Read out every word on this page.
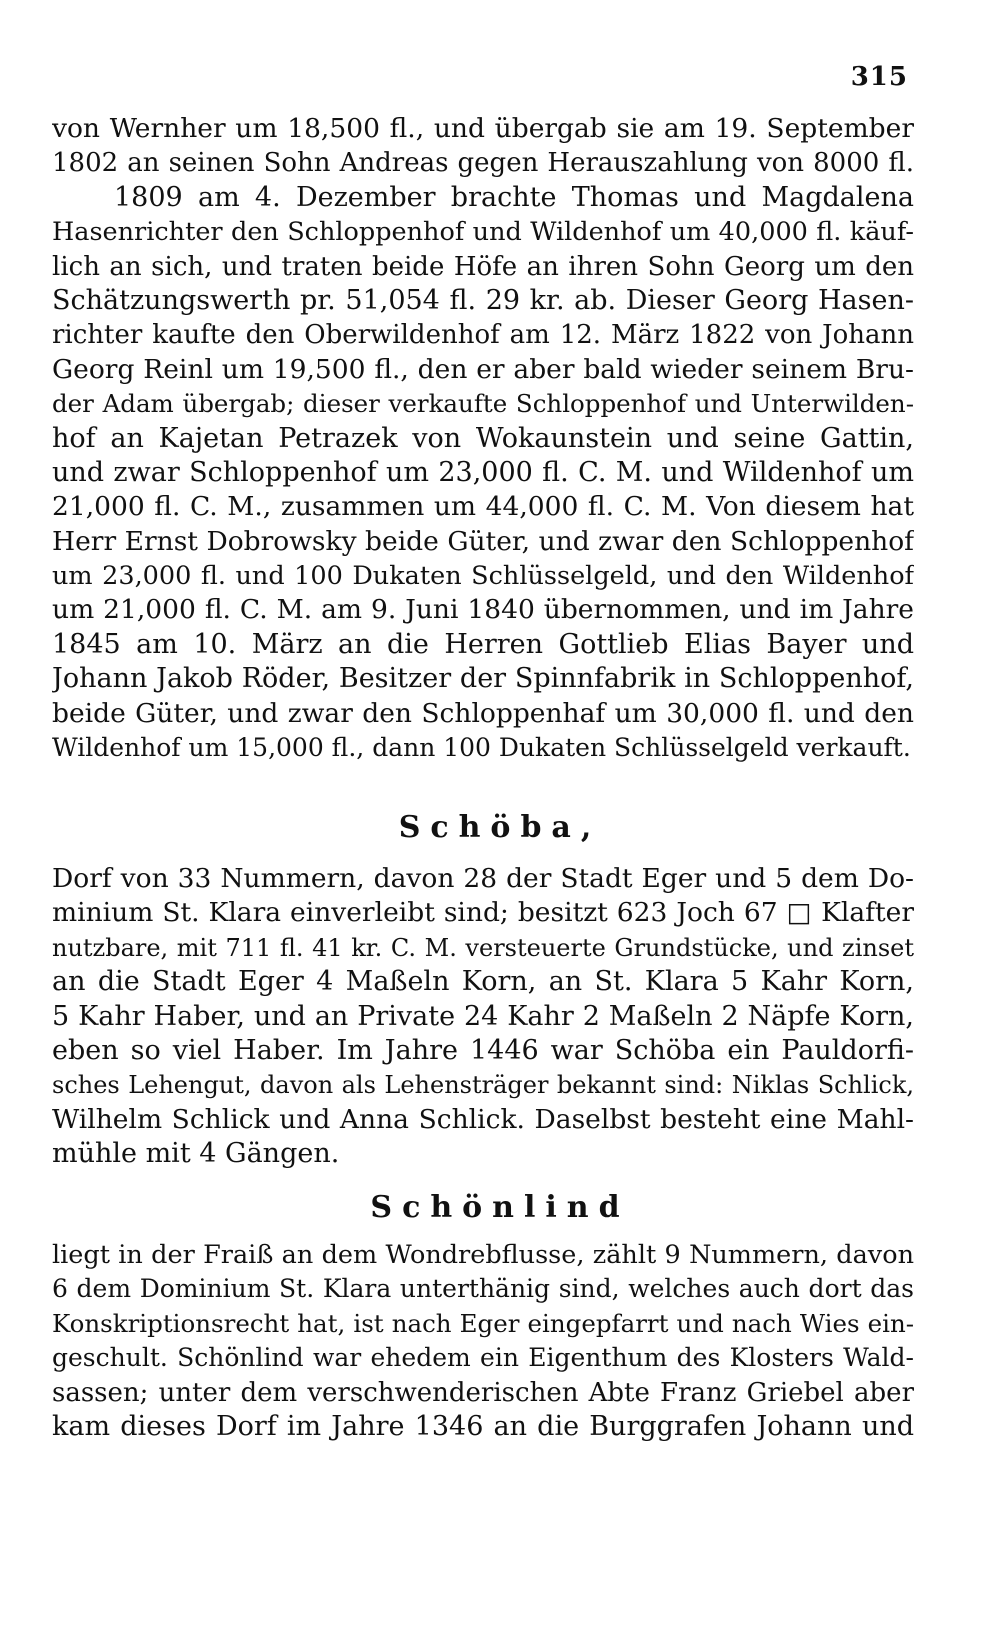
315
von Wernher um 18,500 fl., und übergab sie am 19. September
1802 an seinen Sohn Andreas gegen Herauszahlung von 8000 fl.
1809 am 4. Dezember brachte Thomas und Magdalena
Hasenrichter den Schloppenhof und Wildenhof um 40,000 fl. käuf-
lich an sich, und traten beide Höfe an ihren Sohn Georg um den
Schätzungswerth pr. 51,054 fl. 29 kr. ab. Dieser Georg Hasen-
richter kaufte den Oberwildenhof am 12. März 1822 von Johann
Georg Reinl um 19,500 fl., den er aber bald wieder seinem Bru-
der Adam übergab; dieser verkaufte Schloppenhof und Unterwilden-
hof an Kajetan Petrazek von Wokaunstein und seine Gattin,
und zwar Schloppenhof um 23,000 fl. C. M. und Wildenhof um
21,000 fl. C. M., zusammen um 44,000 fl. C. M. Von diesem hat
Herr Ernst Dobrowsky beide Güter, und zwar den Schloppenhof
um 23,000 fl. und 100 Dukaten Schlüsselgeld, und den Wildenhof
um 21,000 fl. C. M. am 9. Juni 1840 übernommen, und im Jahre
1845 am 10. März an die Herren Gottlieb Elias Bayer und
Johann Jakob Röder, Besitzer der Spinnfabrik in Schloppenhof,
beide Güter, und zwar den Schloppenhaf um 30,000 fl. und den
Wildenhof um 15,000 fl., dann 100 Dukaten Schlüsselgeld verkauft.
Schöba,
Dorf von 33 Nummern, davon 28 der Stadt Eger und 5 dem Do-
minium St. Klara einverleibt sind; besitzt 623 Joch 67 □ Klafter
nutzbare, mit 711 fl. 41 kr. C. M. versteuerte Grundstücke, und zinset
an die Stadt Eger 4 Maßeln Korn, an St. Klara 5 Kahr Korn,
5 Kahr Haber, und an Private 24 Kahr 2 Maßeln 2 Näpfe Korn,
eben so viel Haber. Im Jahre 1446 war Schöba ein Pauldorfi-
sches Lehengut, davon als Lehensträger bekannt sind: Niklas Schlick,
Wilhelm Schlick und Anna Schlick. Daselbst besteht eine Mahl-
mühle mit 4 Gängen.
Schönlind
liegt in der Fraiß an dem Wondrebflusse, zählt 9 Nummern, davon
6 dem Dominium St. Klara unterthänig sind, welches auch dort das
Konskriptionsrecht hat, ist nach Eger eingepfarrt und nach Wies ein-
geschult. Schönlind war ehedem ein Eigenthum des Klosters Wald-
sassen; unter dem verschwenderischen Abte Franz Griebel aber
kam dieses Dorf im Jahre 1346 an die Burggrafen Johann und
